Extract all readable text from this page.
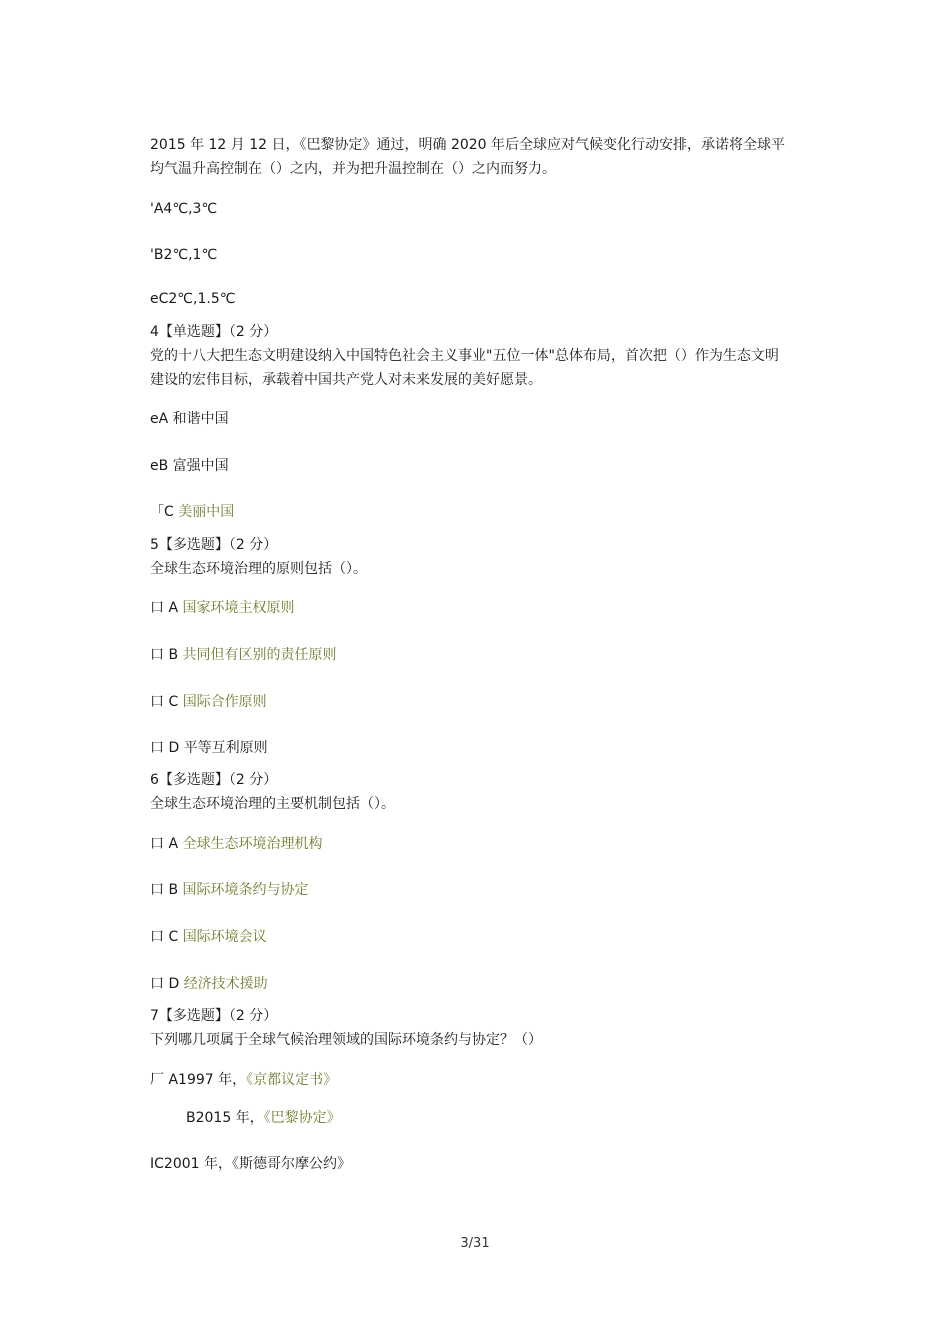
2015 年 12 月 12 日，《巴黎协定》通过，明确 2020 年后全球应对气候变化行动安排，承诺将全球平
均气温升高控制在（）之内，并为把升温控制在（）之内而努力。
'A4℃,3℃
'B2℃,1℃
eC2℃,1.5℃
4【单选题】（2 分）
党的十八大把生态文明建设纳入中国特色社会主义事业"五位一体"总体布局，首次把（）作为生态文明
建设的宏伟目标，承载着中国共产党人对未来发展的美好愿景。
eA 和谐中国
eB 富强中国
「C 美丽中国
5【多选题】（2 分）
全球生态环境治理的原则包括（）。
口 A 国家环境主权原则
口 B 共同但有区别的责任原则
口 C 国际合作原则
口 D 平等互利原则
6【多选题】（2 分）
全球生态环境治理的主要机制包括（）。
口 A 全球生态环境治理机构
口 B 国际环境条约与协定
口 C 国际环境会议
口 D 经济技术援助
7【多选题】（2 分）
下列哪几项属于全球气候治理领域的国际环境条约与协定？（）
厂 A1997 年，《京都议定书》
B2015 年，《巴黎协定》
IC2001 年，《斯德哥尔摩公约》
3/31
